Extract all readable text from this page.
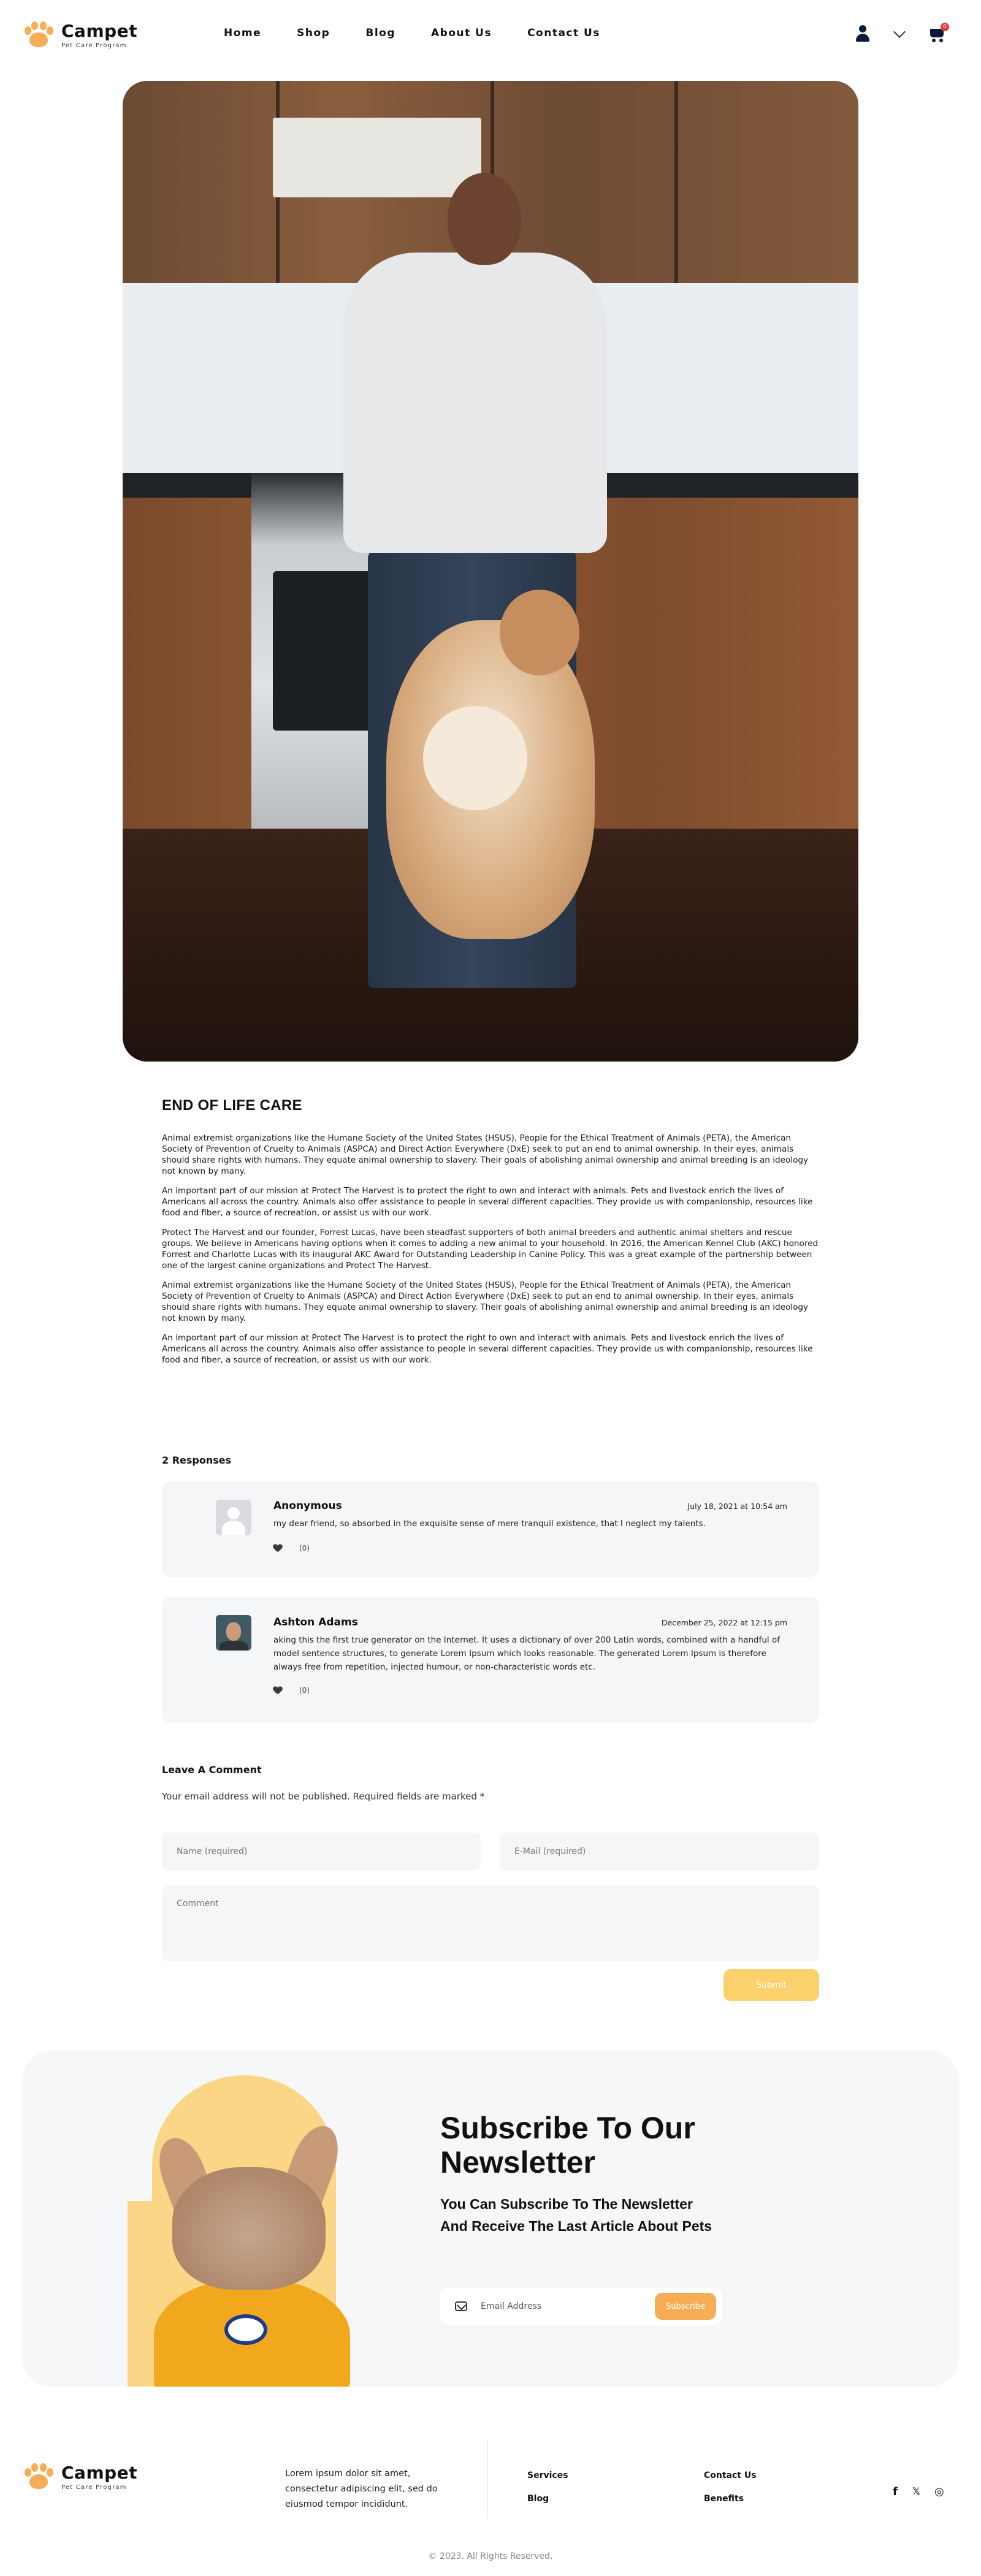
Campet
Pet Care Program
Home	Shop	Blog	About Us	Contact Us	0
END OF LIFE CARE

Animal extremist organizations like the Humane Society of the United States (HSUS), People for the Ethical Treatment of Animals (PETA), the American Society of Prevention of Cruelty to Animals (ASPCA) and Direct Action Everywhere (DxE) seek to put an end to animal ownership. In their eyes, animals should share rights with humans. They equate animal ownership to slavery. Their goals of abolishing animal ownership and animal breeding is an ideology not known by many.

An important part of our mission at Protect The Harvest is to protect the right to own and interact with animals. Pets and livestock enrich the lives of Americans all across the country. Animals also offer assistance to people in several different capacities. They provide us with companionship, resources like food and fiber, a source of recreation, or assist us with our work.

Protect The Harvest and our founder, Forrest Lucas, have been steadfast supporters of both animal breeders and authentic animal shelters and rescue groups. We believe in Americans having options when it comes to adding a new animal to your household. In 2016, the American Kennel Club (AKC) honored Forrest and Charlotte Lucas with its inaugural AKC Award for Outstanding Leadership in Canine Policy. This was a great example of the partnership between one of the largest canine organizations and Protect The Harvest.

Animal extremist organizations like the Humane Society of the United States (HSUS), People for the Ethical Treatment of Animals (PETA), the American Society of Prevention of Cruelty to Animals (ASPCA) and Direct Action Everywhere (DxE) seek to put an end to animal ownership. In their eyes, animals should share rights with humans. They equate animal ownership to slavery. Their goals of abolishing animal ownership and animal breeding is an ideology not known by many.

An important part of our mission at Protect The Harvest is to protect the right to own and interact with animals. Pets and livestock enrich the lives of Americans all across the country. Animals also offer assistance to people in several different capacities. They provide us with companionship, resources like food and fiber, a source of recreation, or assist us with our work.

2 Responses
Anonymous	July 18, 2021 at 10:54 am
my dear friend, so absorbed in the exquisite sense of mere tranquil existence, that I neglect my talents.
(0)
Ashton Adams	December 25, 2022 at 12:15 pm
aking this the first true generator on the Internet. It uses a dictionary of over 200 Latin words, combined with a handful of model sentence structures, to generate Lorem Ipsum which looks reasonable. The generated Lorem Ipsum is therefore always free from repetition, injected humour, or non-characteristic words etc.
(0)
Leave A Comment
Your email address will not be published. Required fields are marked *
Name (required)
E-Mail (required)
Comment
Submit
Subscribe To Our Newsletter
You Can Subscribe To The Newsletter And Receive The Last Article About Pets
Email Address
Subscribe
Campet
Pet Care Program
Lorem ipsum dolor sit amet, consectetur adipiscing elit, sed do eiusmod tempor incididunt.
Services	Contact Us
Blog	Benefits
f 𝕏 ◎
© 2023. All Rights Reserved.
